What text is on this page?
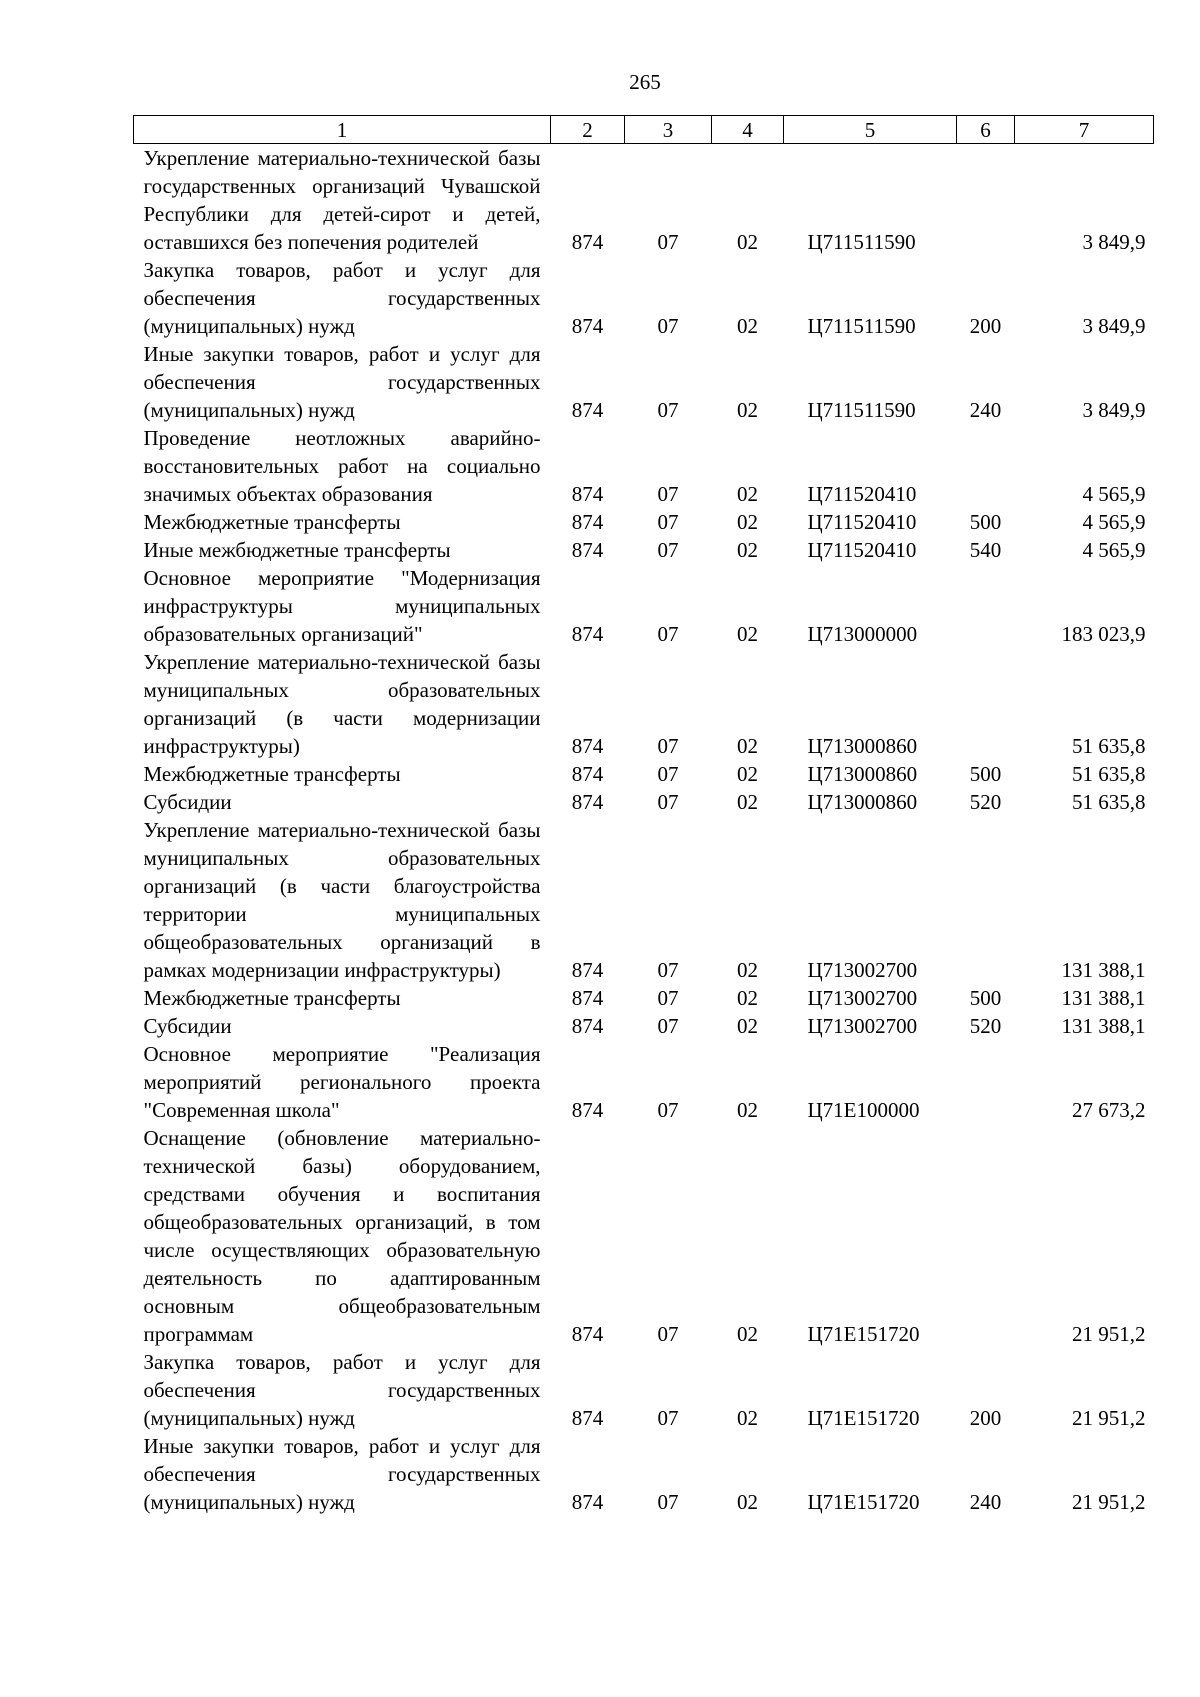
265
1	2	3	4	5	6	7
Укрепление материально-технической базы государственных организаций Чувашской Республики для детей-сирот и детей, оставшихся без попечения родителей	874	07	02	Ц711511590		3 849,9
Закупка товаров, работ и услуг для обеспечения государственных (муниципальных) нужд	874	07	02	Ц711511590	200	3 849,9
Иные закупки товаров, работ и услуг для обеспечения государственных (муниципальных) нужд	874	07	02	Ц711511590	240	3 849,9
Проведение неотложных аварийно-восстановительных работ на социально значимых объектах образования	874	07	02	Ц711520410		4 565,9
Межбюджетные трансферты	874	07	02	Ц711520410	500	4 565,9
Иные межбюджетные трансферты	874	07	02	Ц711520410	540	4 565,9
Основное мероприятие "Модернизация инфраструктуры муниципальных образовательных организаций"	874	07	02	Ц713000000		183 023,9
Укрепление материально-технической базы муниципальных образовательных организаций (в части модернизации инфраструктуры)	874	07	02	Ц713000860		51 635,8
Межбюджетные трансферты	874	07	02	Ц713000860	500	51 635,8
Субсидии	874	07	02	Ц713000860	520	51 635,8
Укрепление материально-технической базы муниципальных образовательных организаций (в части благоустройства территории муниципальных общеобразовательных организаций в рамках модернизации инфраструктуры)	874	07	02	Ц713002700		131 388,1
Межбюджетные трансферты	874	07	02	Ц713002700	500	131 388,1
Субсидии	874	07	02	Ц713002700	520	131 388,1
Основное мероприятие "Реализация мероприятий регионального проекта "Современная школа"	874	07	02	Ц71Е100000		27 673,2
Оснащение (обновление материально-технической базы) оборудованием, средствами обучения и воспитания общеобразовательных организаций, в том числе осуществляющих образовательную деятельность по адаптированным основным общеобразовательным программам	874	07	02	Ц71Е151720		21 951,2
Закупка товаров, работ и услуг для обеспечения государственных (муниципальных) нужд	874	07	02	Ц71Е151720	200	21 951,2
Иные закупки товаров, работ и услуг для обеспечения государственных (муниципальных) нужд	874	07	02	Ц71Е151720	240	21 951,2
